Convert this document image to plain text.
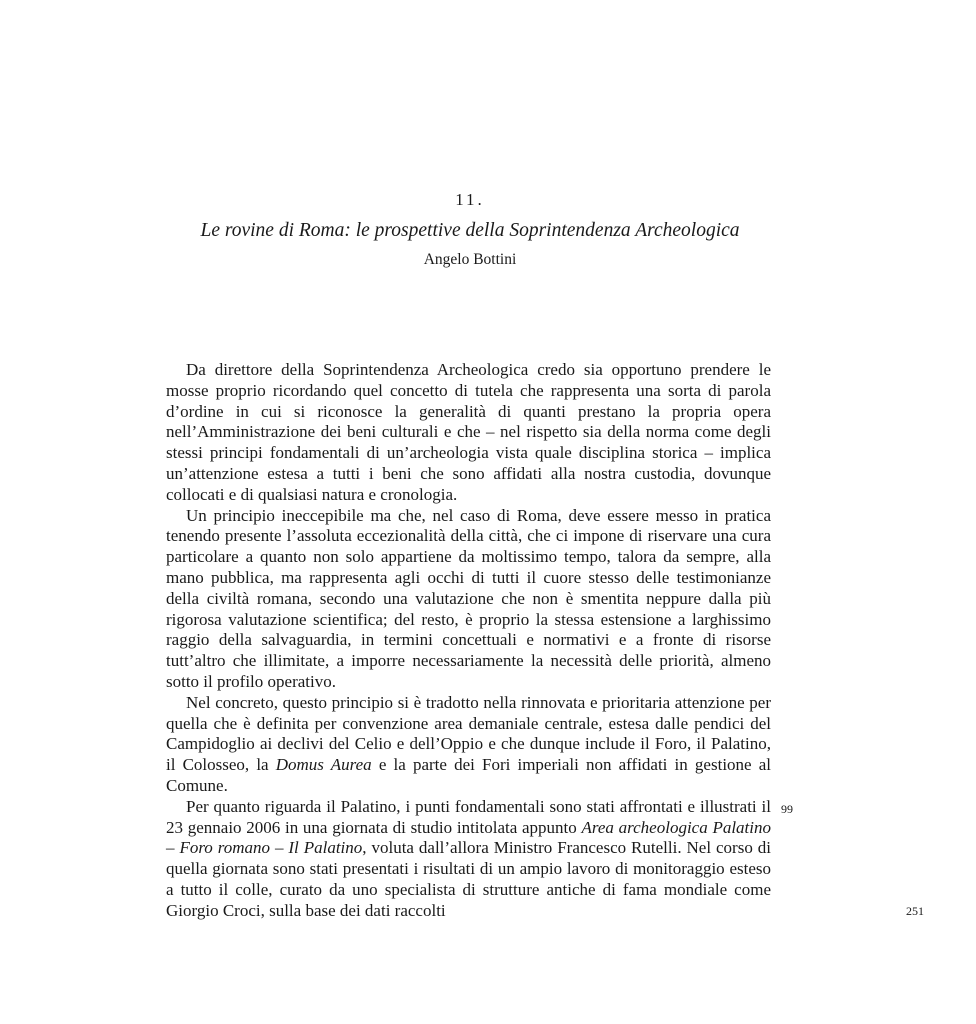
11.
Le rovine di Roma: le prospettive della Soprintendenza Archeologica
Angelo Bottini

Da direttore della Soprintendenza Archeologica credo sia opportuno prendere le mosse proprio ricordando quel concetto di tutela che rappresenta una sorta di parola d’ordine in cui si riconosce la generalità di quanti prestano la propria opera nell’Amministrazione dei beni culturali e che – nel rispetto sia della norma come degli stessi principi fondamentali di un’archeologia vista quale disciplina storica – implica un’attenzione estesa a tutti i beni che sono affidati alla nostra custodia, dovunque collocati e di qualsiasi natura e cronologia.

Un principio ineccepibile ma che, nel caso di Roma, deve essere messo in pratica tenendo presente l’assoluta eccezionalità della città, che ci impone di riservare una cura particolare a quanto non solo appartiene da moltissimo tempo, talora da sempre, alla mano pubblica, ma rappresenta agli occhi di tutti il cuore stesso delle testimonianze della civiltà romana, secondo una valutazione che non è smentita neppure dalla più rigorosa valutazione scientifica; del resto, è proprio la stessa estensione a larghissimo raggio della salvaguardia, in termini concettuali e normativi e a fronte di risorse tutt’altro che illimitate, a imporre necessariamente la necessità delle priorità, almeno sotto il profilo operativo.

Nel concreto, questo principio si è tradotto nella rinnovata e prioritaria attenzione per quella che è definita per convenzione area demaniale centrale, estesa dalle pendici del Campidoglio ai declivi del Celio e dell’Oppio e che dunque include il Foro, il Palatino, il Colosseo, la Domus Aurea e la parte dei Fori imperiali non affidati in gestione al Comune.

Per quanto riguarda il Palatino, i punti fondamentali sono stati affrontati e illustrati il 23 gennaio 2006 in una giornata di studio intitolata appunto Area archeologica Palatino – Foro romano – Il Palatino, voluta dall’allora Ministro Francesco Rutelli. Nel corso di quella giornata sono stati presentati i risultati di un ampio lavoro di monitoraggio esteso a tutto il colle, curato da uno specialista di strutture antiche di fama mondiale come Giorgio Croci, sulla base dei dati raccolti

99
251
